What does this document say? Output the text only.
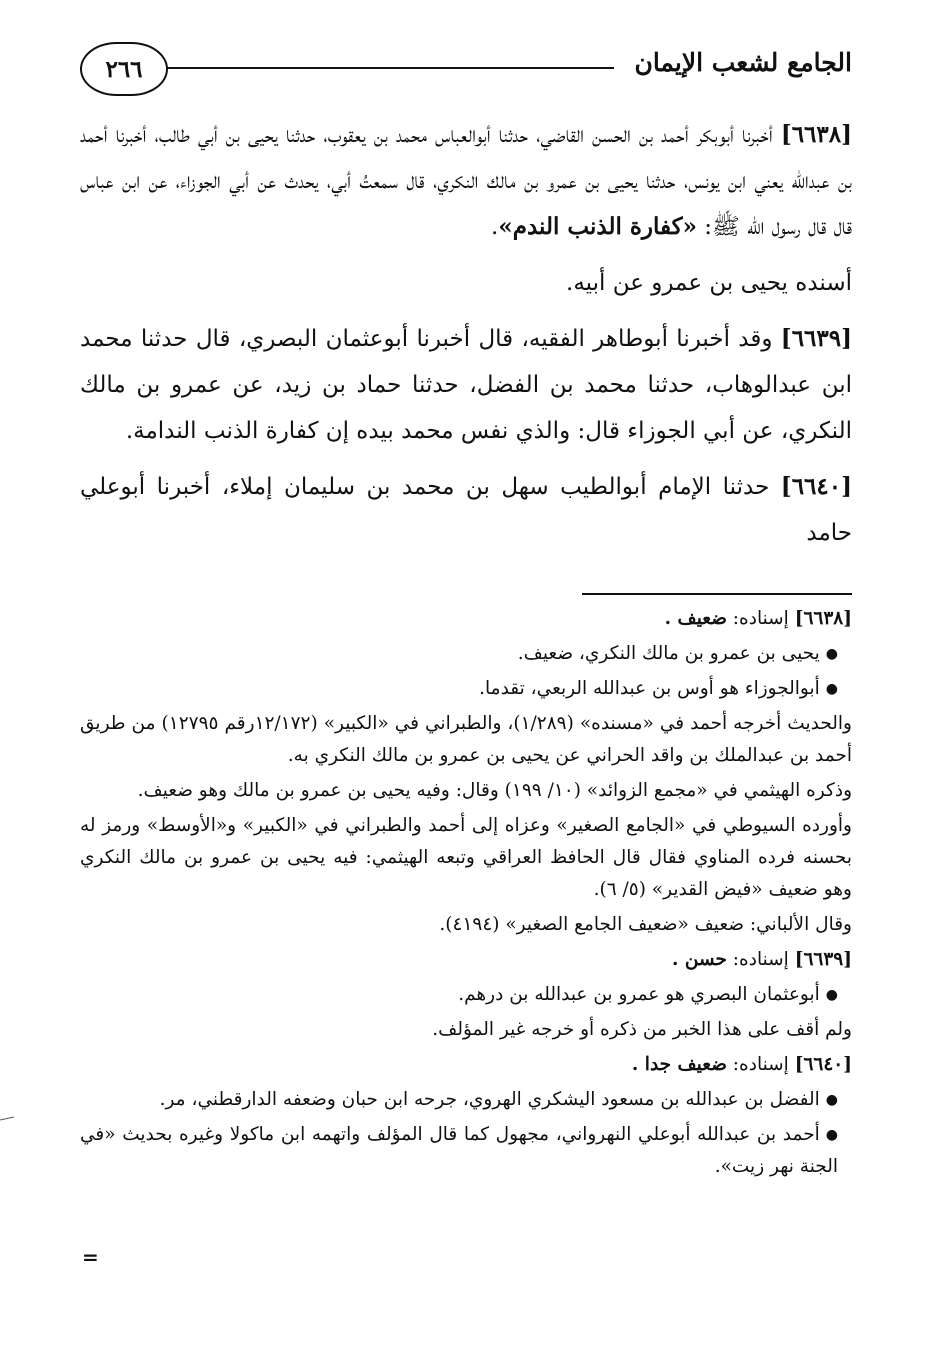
٢٦٦	الجامع لشعب الإيمان

[٦٦٣٨] أخبرنا أبوبكر أحمد بن الحسن القاضي، حدثنا أبوالعباس محمد بن يعقوب، حدثنا يحيى بن أبي طالب، أخبرنا أحمد بن عبدالله يعني ابن يونس، حدثنا يحيى بن عمرو بن مالك النكري، قال سمعتُ أبي، يحدث عن أبي الجوزاء، عن ابن عباس قال قال رسول الله ﷺ: «كفارة الذنب الندم».

أسنده يحيى بن عمرو عن أبيه.

[٦٦٣٩] وقد أخبرنا أبوطاهر الفقيه، قال أخبرنا أبوعثمان البصري، قال حدثنا محمد ابن عبدالوهاب، حدثنا محمد بن الفضل، حدثنا حماد بن زيد، عن عمرو بن مالك النكري، عن أبي الجوزاء قال: والذي نفس محمد بيده إن كفارة الذنب الندامة.

[٦٦٤٠] حدثنا الإمام أبوالطيب سهل بن محمد بن سليمان إملاء، أخبرنا أبوعلي حامد

[٦٦٣٨] إسناده: ضعيف .

●يحيى بن عمرو بن مالك النكري، ضعيف.

●أبوالجوزاء هو أوس بن عبدالله الربعي، تقدما.

والحديث أخرجه أحمد في «مسنده» (١/٢٨٩)، والطبراني في «الكبير» (١٢/١٧٢رقم ١٢٧٩٥) من طريق أحمد بن عبدالملك بن واقد الحراني عن يحيى بن عمرو بن مالك النكري به.

وذكره الهيثمي في «مجمع الزوائد» (١٠/ ١٩٩) وقال: وفيه يحيى بن عمرو بن مالك وهو ضعيف.

وأورده السيوطي في «الجامع الصغير» وعزاه إلى أحمد والطبراني في «الكبير» و«الأوسط» ورمز له بحسنه فرده المناوي فقال قال الحافظ العراقي وتبعه الهيثمي: فيه يحيى بن عمرو بن مالك النكري وهو ضعيف «فيض القدير» (٥/ ٦).

وقال الألباني: ضعيف «ضعيف الجامع الصغير» (٤١٩٤).

[٦٦٣٩] إسناده: حسن .

●أبوعثمان البصري هو عمرو بن عبدالله بن درهم.

ولم أقف على هذا الخبر من ذكره أو خرجه غير المؤلف.

[٦٦٤٠] إسناده: ضعيف جدا .

●الفضل بن عبدالله بن مسعود اليشكري الهروي، جرحه ابن حبان وضعفه الدارقطني، مر.

●أحمد بن عبدالله أبوعلي النهرواني، مجهول كما قال المؤلف واتهمه ابن ماكولا وغيره بحديث «في الجنة نهر زيت».

=
